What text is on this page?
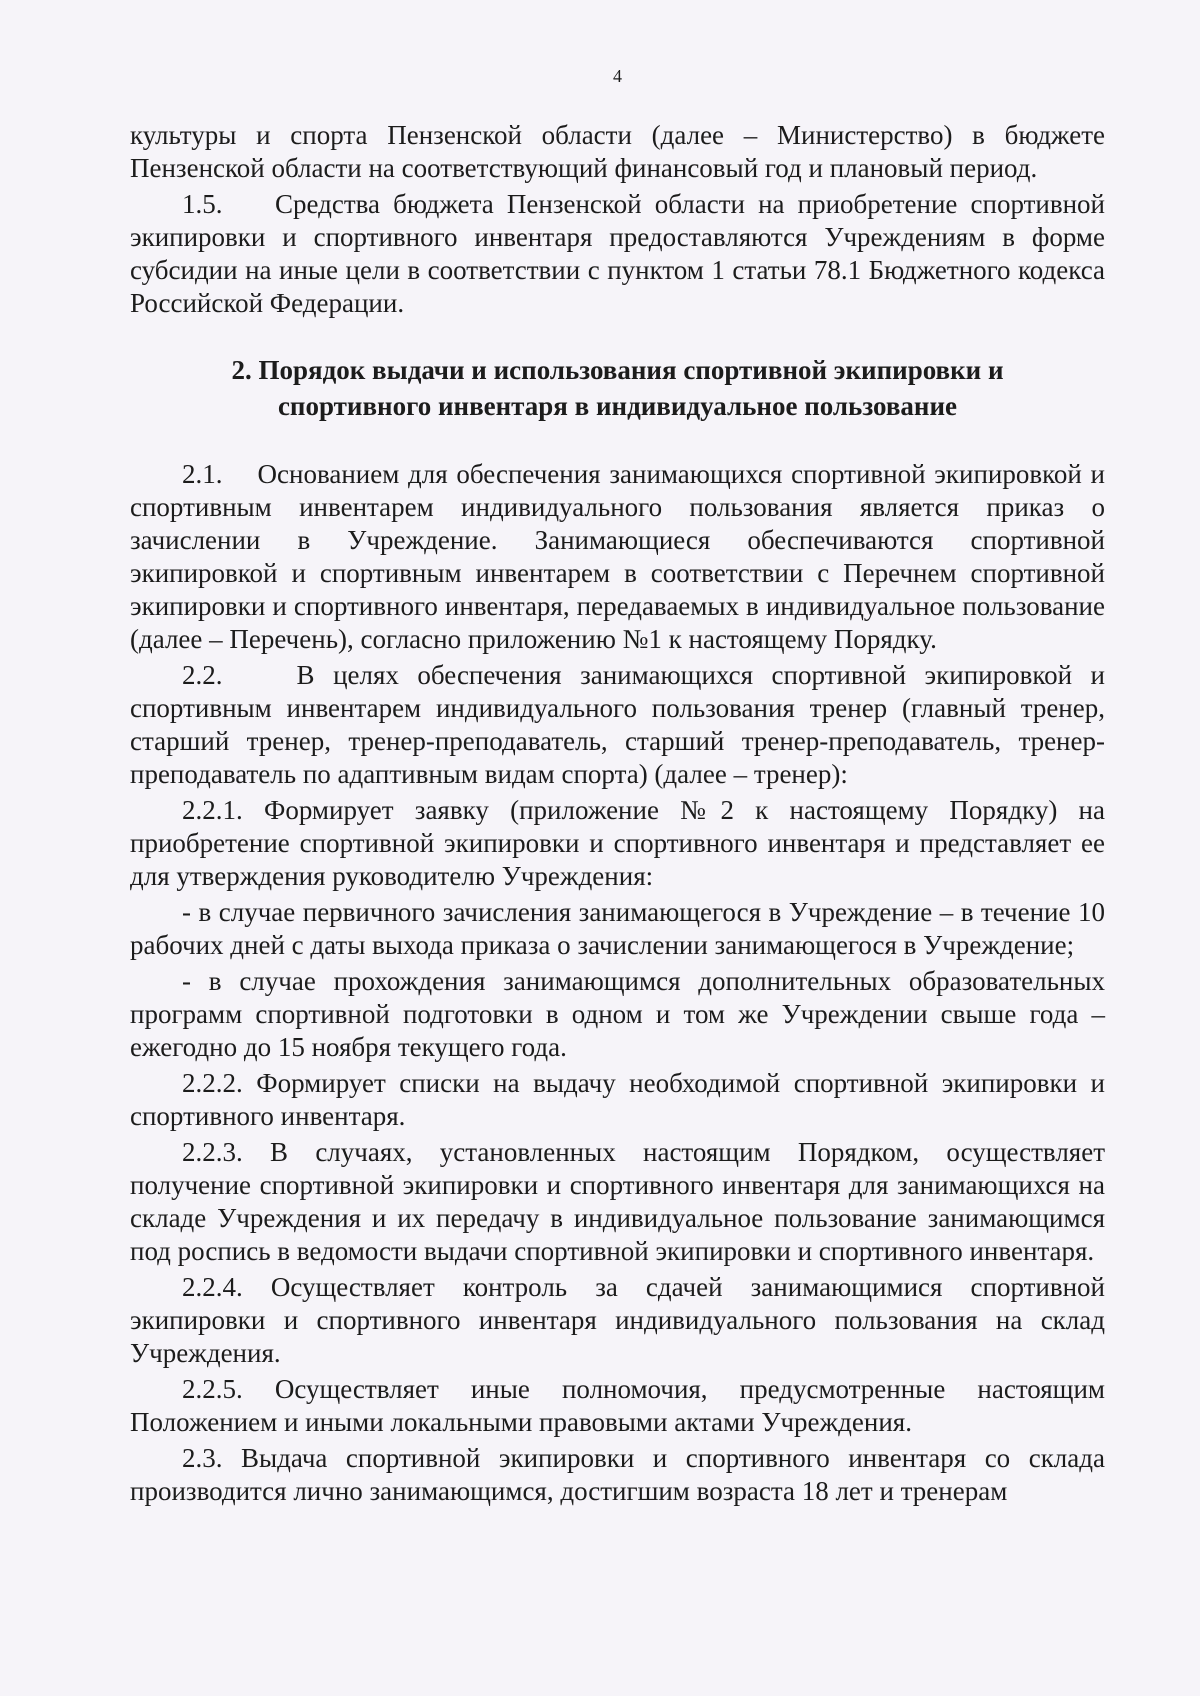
4

культуры и спорта Пензенской области (далее – Министерство) в бюджете Пензенской области на соответствующий финансовый год и плановый период.

1.5.    Средства бюджета Пензенской области на приобретение спортивной экипировки и спортивного инвентаря предоставляются Учреждениям в форме субсидии на иные цели в соответствии с пунктом 1 статьи 78.1 Бюджетного кодекса Российской Федерации.

2. Порядок выдачи и использования спортивной экипировки и
спортивного инвентаря в индивидуальное пользование

2.1.    Основанием для обеспечения занимающихся спортивной экипировкой и спортивным инвентарем индивидуального пользования является приказ о зачислении в Учреждение. Занимающиеся обеспечиваются спортивной экипировкой и спортивным инвентарем в соответствии с Перечнем спортивной экипировки и спортивного инвентаря, передаваемых в индивидуальное пользование (далее – Перечень), согласно приложению №1 к настоящему Порядку.

2.2.    В целях обеспечения занимающихся спортивной экипировкой и спортивным инвентарем индивидуального пользования тренер (главный тренер, старший тренер, тренер-преподаватель, старший тренер-преподаватель, тренер-преподаватель по адаптивным видам спорта) (далее – тренер):

2.2.1. Формирует заявку (приложение №2 к настоящему Порядку) на приобретение спортивной экипировки и спортивного инвентаря и представляет ее для утверждения руководителю Учреждения:

- в случае первичного зачисления занимающегося в Учреждение – в течение 10 рабочих дней с даты выхода приказа о зачислении занимающегося в Учреждение;

- в случае прохождения занимающимся дополнительных образовательных программ спортивной подготовки в одном и том же Учреждении свыше года – ежегодно до 15 ноября текущего года.

2.2.2. Формирует списки на выдачу необходимой спортивной экипировки и спортивного инвентаря.

2.2.3. В случаях, установленных настоящим Порядком, осуществляет получение спортивной экипировки и спортивного инвентаря для занимающихся на складе Учреждения и их передачу в индивидуальное пользование занимающимся под роспись в ведомости выдачи спортивной экипировки и спортивного инвентаря.

2.2.4. Осуществляет контроль за сдачей занимающимися спортивной экипировки и спортивного инвентаря индивидуального пользования на склад Учреждения.

2.2.5. Осуществляет иные полномочия, предусмотренные настоящим Положением и иными локальными правовыми актами Учреждения.

2.3. Выдача спортивной экипировки и спортивного инвентаря со склада производится лично занимающимся, достигшим возраста 18 лет и тренерам
